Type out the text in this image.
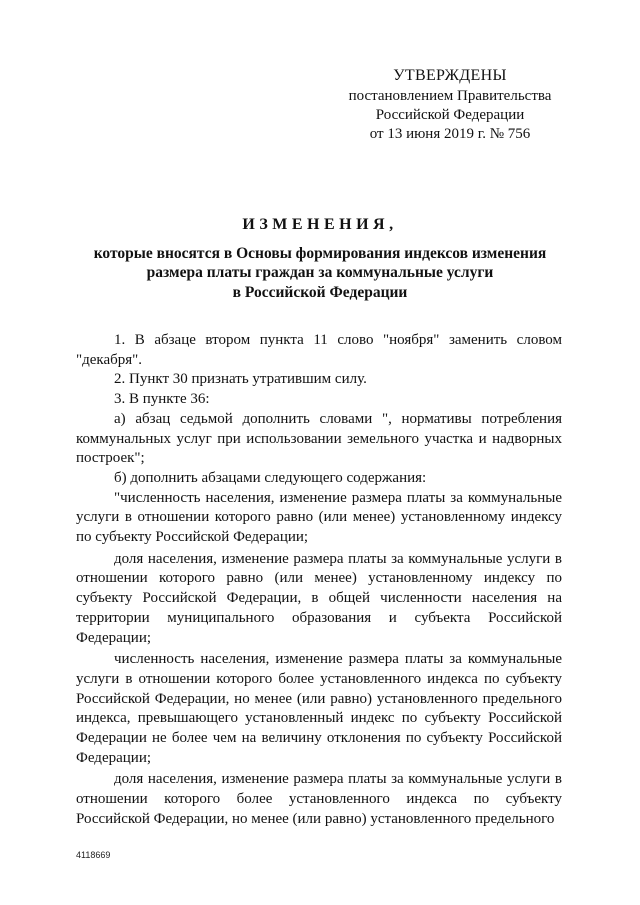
УТВЕРЖДЕНЫ
постановлением Правительства
Российской Федерации
от 13 июня 2019 г. № 756
ИЗМЕНЕНИЯ,
которые вносятся в Основы формирования индексов изменения
размера платы граждан за коммунальные услуги
в Российской Федерации

1. В абзаце втором пункта 11 слово "ноября" заменить словом "декабря".

2. Пункт 30 признать утратившим силу.

3. В пункте 36:

а) абзац седьмой дополнить словами ", нормативы потребления коммунальных услуг при использовании земельного участка и надворных построек";

б) дополнить абзацами следующего содержания:

"численность населения, изменение размера платы за коммунальные услуги в отношении которого равно (или менее) установленному индексу по субъекту Российской Федерации;

доля населения, изменение размера платы за коммунальные услуги в отношении которого равно (или менее) установленному индексу по субъекту Российской Федерации, в общей численности населения на территории муниципального образования и субъекта Российской Федерации;

численность населения, изменение размера платы за коммунальные услуги в отношении которого более установленного индекса по субъекту Российской Федерации, но менее (или равно) установленного предельного индекса, превышающего установленный индекс по субъекту Российской Федерации не более чем на величину отклонения по субъекту Российской Федерации;

доля населения, изменение размера платы за коммунальные услуги в отношении которого более установленного индекса по субъекту Российской Федерации, но менее (или равно) установленного предельного

4118669
